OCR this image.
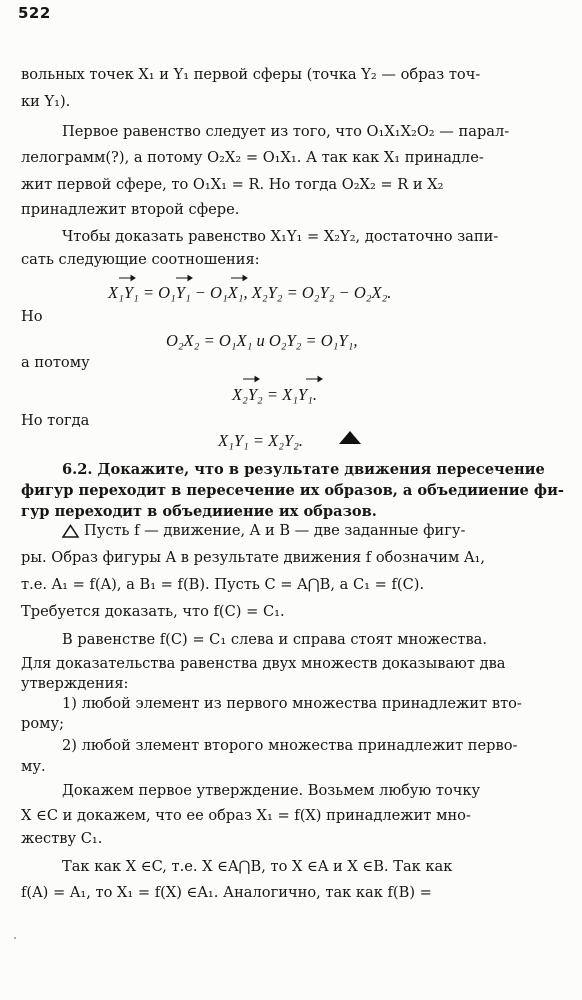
522
вольных точек X₁ и Y₁ первой сферы (точка Y₂ — образ точ-
ки Y₁).
Первое равенство следует из того, что O₁X₁X₂O₂ — парал-
лелограмм(?), а потому O₂X₂ = O₁X₁. А так как X₁ принадле-
жит первой сфере, то O₁X₁ = R. Но тогда O₂X₂ = R и X₂
принадлежит второй сфере.
Чтобы доказать равенство X₁Y₁ = X₂Y₂, достаточно запи-
сать следующие соотношения:
X₁Y₁ = O₁Y₁ − O₁X₁, X₂Y₂ = O₂Y₂ − O₂X₂.
Но
O₂X₂ = O₁X₁ и O₂Y₂ = O₁Y₁,
а потому
X₂Y₂ = X₁Y₁.
Но тогда
X₁Y₁ = X₂Y₂.
6.2. Докажите, что в результате движения пересечение
фигур переходит в пересечение их образов, а объедииение фи-
гур переходит в объедииение их образов.
Пусть f — движение, A и B — две заданные фигу-
ры. Образ фигуры A в результате движения f обозначим A₁,
т.е. A₁ = f(A), а B₁ = f(B). Пусть C = A⋂B, а C₁ = f(C).
Требуется доказать, что f(C) = C₁.
В равенстве f(C) = C₁ слева и справа стоят множества.
Для доказательства равенства двух множеств доказывают два
утверждения:
1) любой элемент из первого множества принадлежит вто-
рому;
2) любой злемент второго множества принадлежит перво-
му.
Докажем первое утверждение. Возьмем любую точку
X ∈C и докажем, что ее образ X₁ = f(X) принадлежит мно-
жеству C₁.
Так как X ∈C, т.е. X ∈A⋂B, то X ∈A и X ∈B. Так как
f(A) = A₁, то X₁ = f(X) ∈A₁. Аналогично, так как f(B) =
